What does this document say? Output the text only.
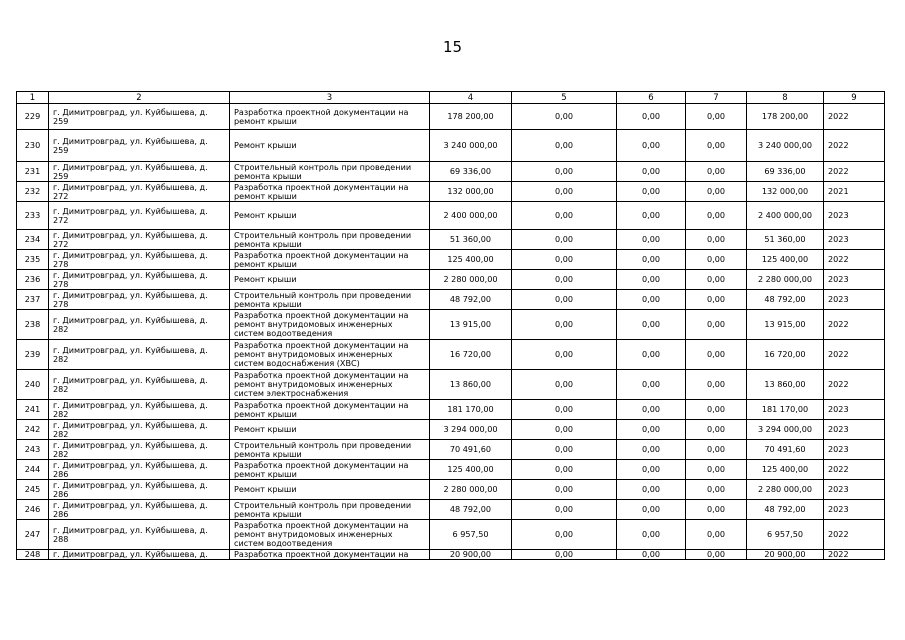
15
1	2	3	4	5	6	7	8	9
229	г. Димитровград, ул. Куйбышева, д. 259	Разработка проектной документации на ремонт крыши	178 200,00	0,00	0,00	0,00	178 200,00	2022
230	г. Димитровград, ул. Куйбышева, д. 259	Ремонт крыши	3 240 000,00	0,00	0,00	0,00	3 240 000,00	2022
231	г. Димитровград, ул. Куйбышева, д. 259	Строительный контроль при проведении ремонта крыши	69 336,00	0,00	0,00	0,00	69 336,00	2022
232	г. Димитровград, ул. Куйбышева, д. 272	Разработка проектной документации на ремонт крыши	132 000,00	0,00	0,00	0,00	132 000,00	2021
233	г. Димитровград, ул. Куйбышева, д. 272	Ремонт крыши	2 400 000,00	0,00	0,00	0,00	2 400 000,00	2023
234	г. Димитровград, ул. Куйбышева, д. 272	Строительный контроль при проведении ремонта крыши	51 360,00	0,00	0,00	0,00	51 360,00	2023
235	г. Димитровград, ул. Куйбышева, д. 278	Разработка проектной документации на ремонт крыши	125 400,00	0,00	0,00	0,00	125 400,00	2022
236	г. Димитровград, ул. Куйбышева, д. 278	Ремонт крыши	2 280 000,00	0,00	0,00	0,00	2 280 000,00	2023
237	г. Димитровград, ул. Куйбышева, д. 278	Строительный контроль при проведении ремонта крыши	48 792,00	0,00	0,00	0,00	48 792,00	2023
238	г. Димитровград, ул. Куйбышева, д. 282	Разработка проектной документации на ремонт внутридомовых инженерных систем водоотведения	13 915,00	0,00	0,00	0,00	13 915,00	2022
239	г. Димитровград, ул. Куйбышева, д. 282	Разработка проектной документации на ремонт внутридомовых инженерных систем водоснабжения (ХВС)	16 720,00	0,00	0,00	0,00	16 720,00	2022
240	г. Димитровград, ул. Куйбышева, д. 282	Разработка проектной документации на ремонт внутридомовых инженерных систем электроснабжения	13 860,00	0,00	0,00	0,00	13 860,00	2022
241	г. Димитровград, ул. Куйбышева, д. 282	Разработка проектной документации на ремонт крыши	181 170,00	0,00	0,00	0,00	181 170,00	2023
242	г. Димитровград, ул. Куйбышева, д. 282	Ремонт крыши	3 294 000,00	0,00	0,00	0,00	3 294 000,00	2023
243	г. Димитровград, ул. Куйбышева, д. 282	Строительный контроль при проведении ремонта крыши	70 491,60	0,00	0,00	0,00	70 491,60	2023
244	г. Димитровград, ул. Куйбышева, д. 286	Разработка проектной документации на ремонт крыши	125 400,00	0,00	0,00	0,00	125 400,00	2022
245	г. Димитровград, ул. Куйбышева, д. 286	Ремонт крыши	2 280 000,00	0,00	0,00	0,00	2 280 000,00	2023
246	г. Димитровград, ул. Куйбышева, д. 286	Строительный контроль при проведении ремонта крыши	48 792,00	0,00	0,00	0,00	48 792,00	2023
247	г. Димитровград, ул. Куйбышева, д. 288	Разработка проектной документации на ремонт внутридомовых инженерных систем водоотведения	6 957,50	0,00	0,00	0,00	6 957,50	2022
248	г. Димитровград, ул. Куйбышева, д.	Разработка проектной документации на	20 900,00	0,00	0,00	0,00	20 900,00	2022
